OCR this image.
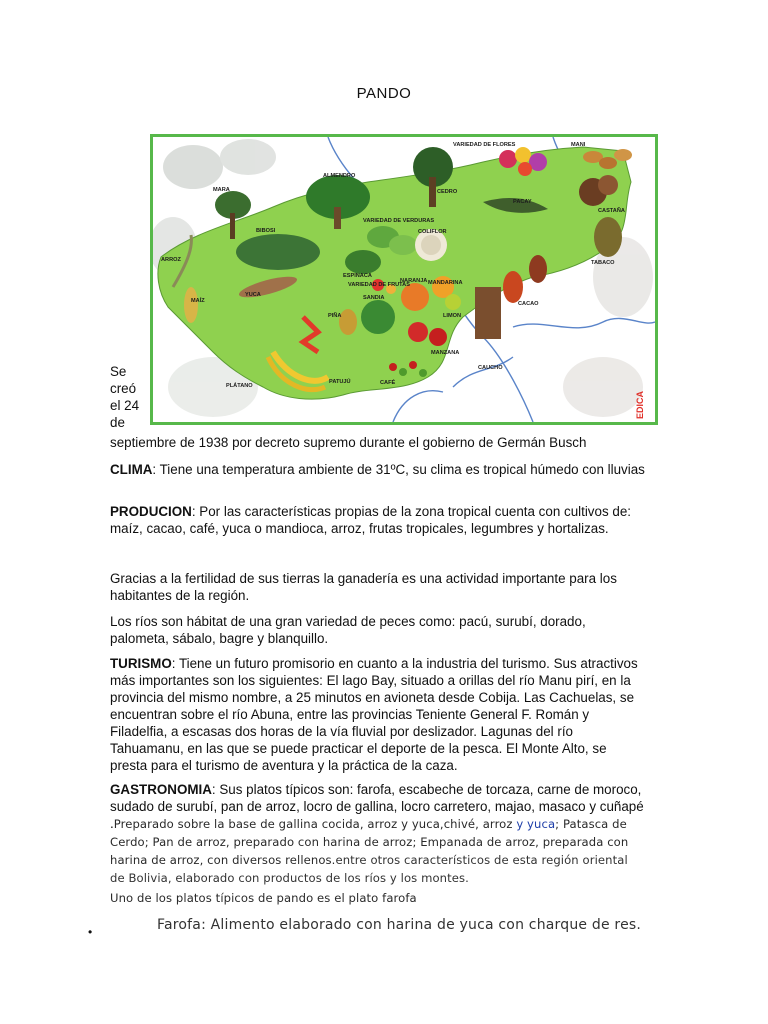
PANDO
VARIEDAD DE FLORES	MANI
ALMENDRO
MARA	CEDRO
PACAY
CASTAÑA
BIBOSI
VARIEDAD DE VERDURAS
COLIFLOR
ARROZ
ESPINACA
NARANJA MANDARINA
TABACO
VARIEDAD DE FRUTAS
SANDIA
MAÍZ
YUCA
PIÑA	LIMON
CACAO
MANZANA
CAUCHO
PLÁTANO
PATUJÚ	CAFÉ
EDICA
Se
creó
el 24
de
septiembre de 1938 por decreto supremo durante el gobierno de Germán Busch
CLIMA: Tiene una temperatura ambiente de 31ºC, su clima es tropical húmedo con lluvias
PRODUCION: Por las características propias de la zona tropical cuenta con cultivos de: maíz, cacao, café, yuca o mandioca, arroz, frutas tropicales, legumbres y hortalizas.
Gracias a la fertilidad de sus tierras la ganadería es una actividad importante para los habitantes de la región.
Los ríos son hábitat de una gran variedad de peces como: pacú, surubí, dorado, palometa, sábalo, bagre y blanquillo.
TURISMO: Tiene un futuro promisorio en cuanto a la industria del turismo. Sus atractivos más importantes son los siguientes: El lago Bay, situado a orillas del río Manu pirí, en la provincia del mismo nombre, a 25 minutos en avioneta desde Cobija. Las Cachuelas, se encuentran sobre el río Abuna, entre las provincias Teniente General F. Román y Filadelfia, a escasas dos horas de la vía fluvial por deslizador. Lagunas del río Tahuamanu, en las que se puede practicar el deporte de la pesca. El Monte Alto, se presta para el turismo de aventura y la práctica de la caza.
GASTRONOMIA: Sus platos típicos son: farofa, escabeche de torcaza, carne de moroco, sudado de surubí, pan de arroz, locro de gallina, locro carretero, majao, masaco y cuñapé .Preparado sobre la base de gallina cocida, arroz y yuca,chivé, arroz y yuca; Patasca de Cerdo; Pan de arroz, preparado con harina de arroz; Empanada de arroz, preparada con harina de arroz, con diversos rellenos.entre otros característicos de esta región oriental de Bolivia, elaborado con productos de los ríos y los montes.
Uno de los platos típicos de pando es el plato farofa
•	Farofa: Alimento elaborado con harina de yuca con charque de res.
